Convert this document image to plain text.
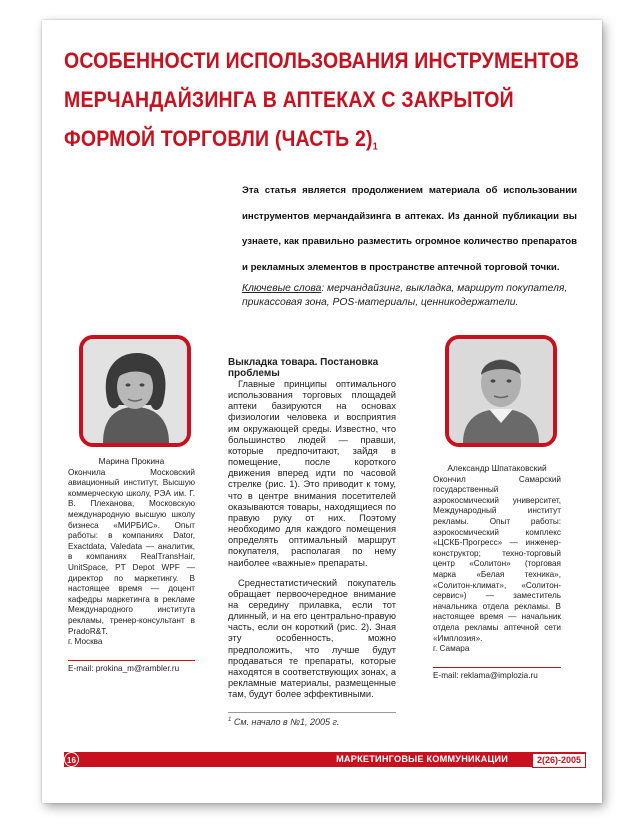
ОСОБЕННОСТИ ИСПОЛЬЗОВАНИЯ ИНСТРУМЕНТОВ
МЕРЧАНДАЙЗИНГА В АПТЕКАХ С ЗАКРЫТОЙ
ФОРМОЙ ТОРГОВЛИ (ЧАСТЬ 2)$^1$
Эта статья является продолжением материала об использовании инструментов мерчандайзинга в аптеках. Из данной публикации вы узнаете, как правильно разместить огромное количество препаратов и рекламных элементов в пространстве аптечной торговой точки.
Ключевые слова: мерчандайзинг, выкладка, маршрут покупателя, прикассовая зона, POS-материалы, ценникодержатели.
Марина Прокина
Окончила Московский авиационный институт, Высшую коммерческую школу, РЭА им. Г. В. Плеханова, Московскую международную высшую школу бизнеса «МИРБИС». Опыт работы: в компаниях Dator, Exactdata, Valedata — аналитик, в компаниях RealTransHair, UnitSpace, PT Depot WPF — директор по маркетингу. В настоящее время — доцент кафедры маркетинга в рекламе Международного института рекламы, тренер-консультант в PradoR&T.
г. Москва
E-mail: prokina_m@rambler.ru
Выкладка товара. Постановка проблемы

Главные принципы оптимального использования торговых площадей аптеки базируются на основах физиологии человека и восприятия им окружающей среды. Известно, что большинство людей — правши, которые предпочитают, зайдя в помещение, после короткого движения вперед идти по часовой стрелке (рис. 1). Это приводит к тому, что в центре внимания посетителей оказываются товары, находящиеся по правую руку от них. Поэтому необходимо для каждого помещения определять оптимальный маршрут покупателя, располагая по нему наиболее «важные» препараты.

Среднестатистический покупатель обращает первоочередное внимание на середину прилавка, если тот длинный, и на его центрально-правую часть, если он короткий (рис. 2). Зная эту особенность, можно предположить, что лучше будут продаваться те препараты, которые находятся в соответствующих зонах, а рекламные материалы, размещенные там, будут более эффективными.

$^1$ См. начало в №1, 2005 г.
Александр Шпатаковский
Окончил Самарский государственный аэрокосмический университет, Международный институт рекламы. Опыт работы: аэрокосмический комплекс «ЦСКБ-Прогресс» — инженер-конструктор; техно-торговый центр «Солитон» (торговая марка «Белая техника», «Солитон-климат», «Солитон-сервис») — заместитель начальника отдела рекламы. В настоящее время — начальник отдела рекламы аптечной сети «Имплозия».
г. Самара
E-mail: reklama@implozia.ru
16	МАРКЕТИНГОВЫЕ КОММУНИКАЦИИ	2(26)-2005
